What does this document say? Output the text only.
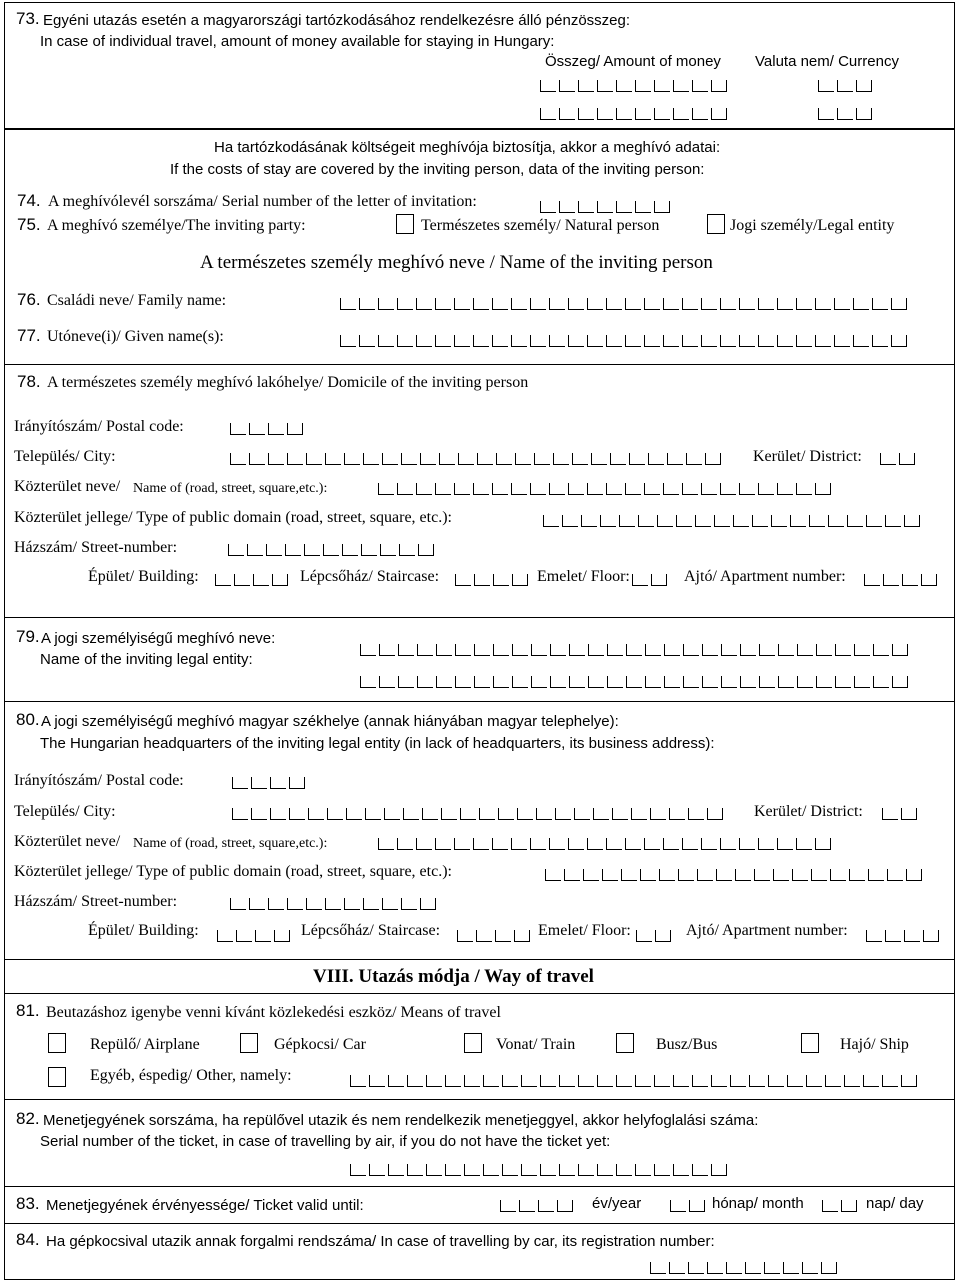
73. Egyéni utazás esetén a magyarországi tartózkodásához rendelkezésre álló pénzösszeg:
In case of individual travel, amount of money available for staying in Hungary:
Összeg/ Amount of money Valuta nem/ Currency
Ha tartózkodásának költségeit meghívója biztosítja, akkor a meghívó adatai:
If the costs of stay are covered by the inviting person, data of the inviting person:
74. A meghívólevél sorszáma/ Serial number of the letter of invitation:
75. A meghívó személye/The inviting party:	Természetes személy/ Natural person	Jogi személy/Legal entity
A természetes személy meghívó neve / Name of the inviting person
76. Családi neve/ Family name:
77. Utóneve(i)/ Given name(s):
78. A természetes személy meghívó lakóhelye/ Domicile of the inviting person
Irányítószám/ Postal code:
Település/ City:	Kerület/ District:
Közterület neve/ Name of (road, street, square,etc.):
Közterület jellege/ Type of public domain (road, street, square, etc.):
Házszám/ Street-number:
Épület/ Building:	Lépcsőház/ Staircase:	Emelet/ Floor:	Ajtó/ Apartment number:
79. A jogi személyiségű meghívó neve:
Name of the inviting legal entity:
80. A jogi személyiségű meghívó magyar székhelye (annak hiányában magyar telephelye):
The Hungarian headquarters of the inviting legal entity (in lack of headquarters, its business address):
Irányítószám/ Postal code:
Település/ City:	Kerület/ District:
Közterület neve/ Name of (road, street, square,etc.):
Közterület jellege/ Type of public domain (road, street, square, etc.):
Házszám/ Street-number:
Épület/ Building:	Lépcsőház/ Staircase:	Emelet/ Floor:	Ajtó/ Apartment number:
VIII. Utazás módja / Way of travel
81. Beutazáshoz igenybe venni kívánt közlekedési eszköz/ Means of travel
Repülő/ Airplane	Gépkocsi/ Car	Vonat/ Train	Busz/Bus	Hajó/ Ship
Egyéb, éspedig/ Other, namely:
82. Menetjegyének sorszáma, ha repülővel utazik és nem rendelkezik menetjeggyel, akkor helyfoglalási száma:
Serial number of the ticket, in case of travelling by air, if you do not have the ticket yet:
83. Menetjegyének érvényessége/ Ticket valid until:	év/year	hónap/ month	nap/ day
84. Ha gépkocsival utazik annak forgalmi rendszáma/ In case of travelling by car, its registration number:
